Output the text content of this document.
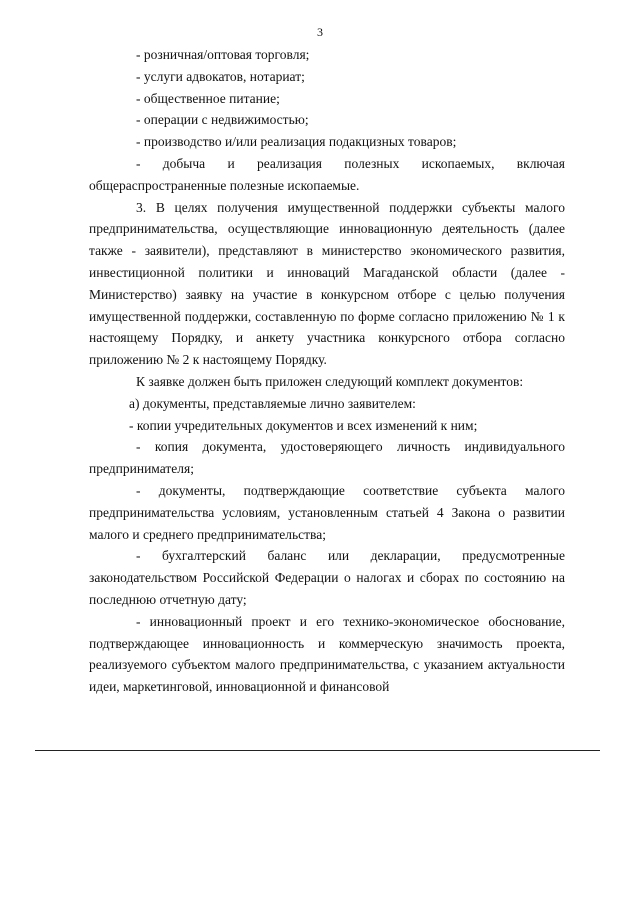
3

- розничная/оптовая торговля;

- услуги адвокатов, нотариат;

- общественное питание;

- операции с недвижимостью;

- производство и/или реализация подакцизных товаров;

- добыча и реализация полезных ископаемых, включая общераспространенные полезные ископаемые.

3. В целях получения имущественной поддержки субъекты малого предпринимательства, осуществляющие инновационную деятельность (далее также - заявители), представляют в министерство экономического развития, инвестиционной политики и инноваций Магаданской области (далее - Министерство) заявку на участие в конкурсном отборе с целью получения имущественной поддержки, составленную по форме согласно приложению № 1 к настоящему Порядку, и анкету участника конкурсного отбора согласно приложению № 2 к настоящему Порядку.

К заявке должен быть приложен следующий комплект документов:

а) документы, представляемые лично заявителем:

- копии учредительных документов и всех изменений к ним;

- копия документа, удостоверяющего личность индивидуального предпринимателя;

- документы, подтверждающие соответствие субъекта малого предпринимательства условиям, установленным статьей 4 Закона о развитии малого и среднего предпринимательства;

- бухгалтерский баланс или декларации, предусмотренные законодательством Российской Федерации о налогах и сборах по состоянию на последнюю отчетную дату;

- инновационный проект и его технико-экономическое обоснование, подтверждающее инновационность и коммерческую значимость проекта, реализуемого субъектом малого предпринимательства, с указанием актуальности идеи, маркетинговой, инновационной и финансовой
